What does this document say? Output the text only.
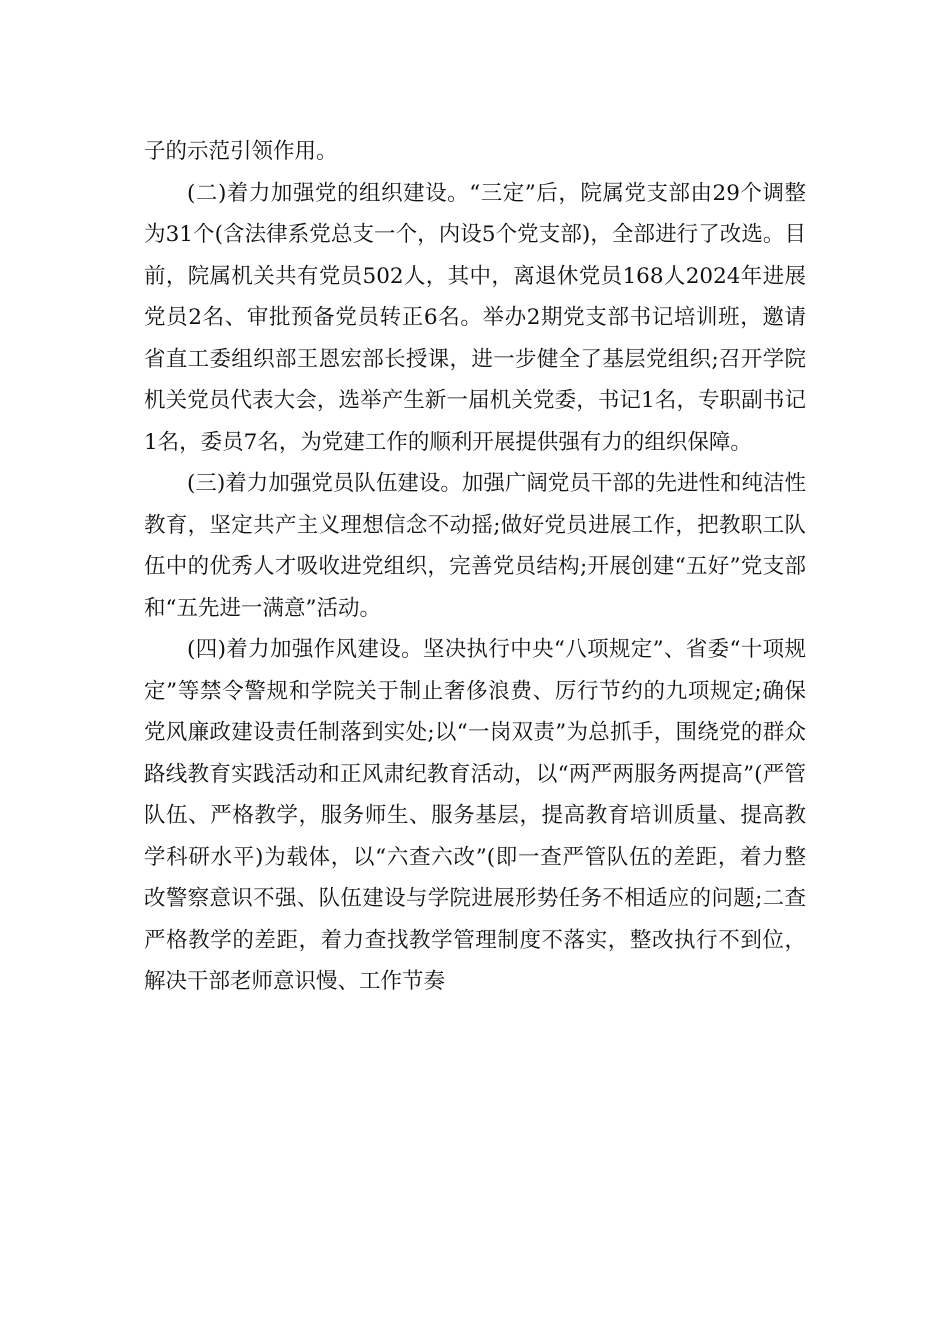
子的示范引领作用。

(二)着力加强党的组织建设。“三定”后，院属党支部由29个调整为31个(含法律系党总支一个，内设5个党支部)，全部进行了改选。目前，院属机关共有党员502人，其中，离退休党员168人2024年进展党员2名、审批预备党员转正6名。举办2期党支部书记培训班，邀请省直工委组织部王恩宏部长授课，进一步健全了基层党组织;召开学院机关党员代表大会，选举产生新一届机关党委，书记1名，专职副书记1名，委员7名，为党建工作的顺利开展提供强有力的组织保障。

(三)着力加强党员队伍建设。加强广阔党员干部的先进性和纯洁性教育，坚定共产主义理想信念不动摇;做好党员进展工作，把教职工队伍中的优秀人才吸收进党组织，完善党员结构;开展创建“五好”党支部和“五先进一满意”活动。

(四)着力加强作风建设。坚决执行中央“八项规定”、省委“十项规定”等禁令警规和学院关于制止奢侈浪费、厉行节约的九项规定;确保党风廉政建设责任制落到实处;以“一岗双责”为总抓手，围绕党的群众路线教育实践活动和正风肃纪教育活动，以“两严两服务两提高”(严管队伍、严格教学，服务师生、服务基层，提高教育培训质量、提高教学科研水平)为载体，以“六查六改”(即一查严管队伍的差距，着力整改警察意识不强、队伍建设与学院进展形势任务不相适应的问题;二查严格教学的差距，着力查找教学管理制度不落实，整改执行不到位，解决干部老师意识慢、工作节奏
